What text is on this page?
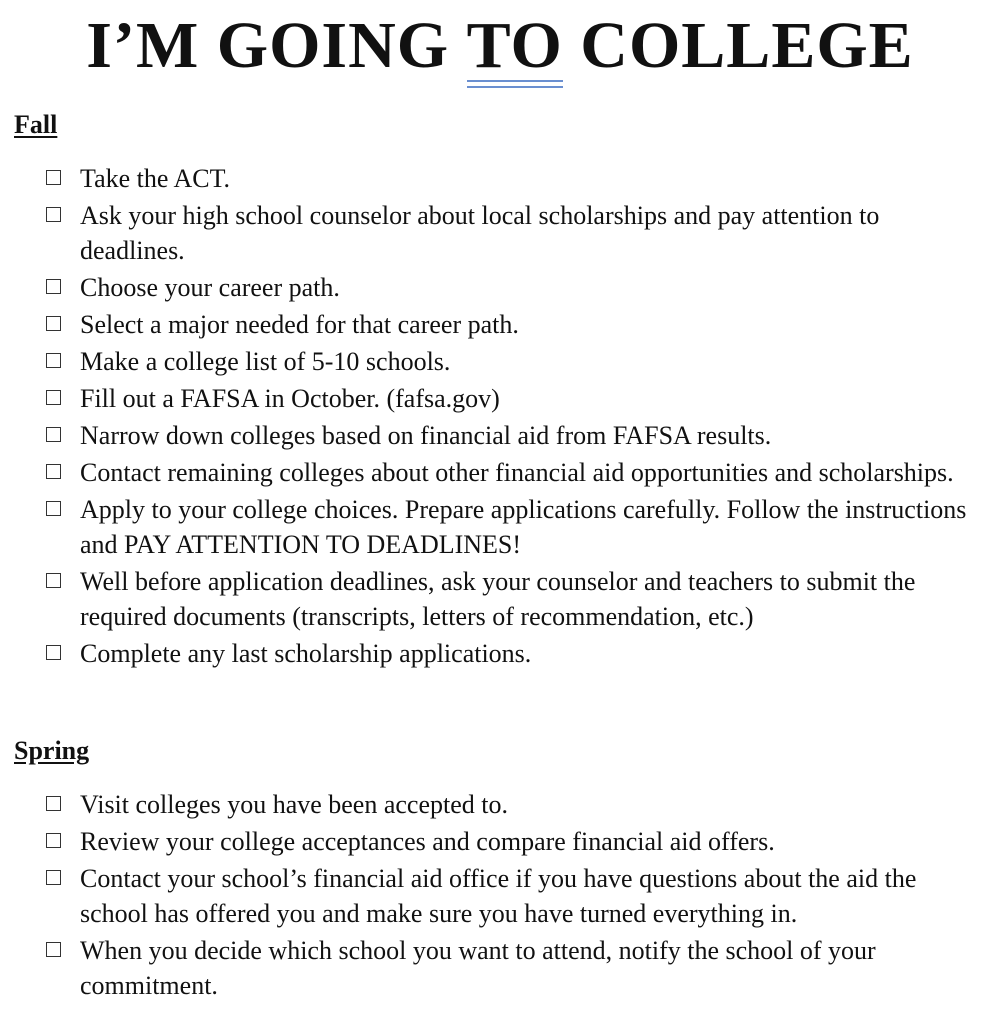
I’M GOING TO COLLEGE
Fall
Take the ACT.
Ask your high school counselor about local scholarships and pay attention to deadlines.
Choose your career path.
Select a major needed for that career path.
Make a college list of 5-10 schools.
Fill out a FAFSA in October. (fafsa.gov)
Narrow down colleges based on financial aid from FAFSA results.
Contact remaining colleges about other financial aid opportunities and scholarships.
Apply to your college choices. Prepare applications carefully. Follow the instructions and PAY ATTENTION TO DEADLINES!
Well before application deadlines, ask your counselor and teachers to submit the required documents (transcripts, letters of recommendation, etc.)
Complete any last scholarship applications.
Spring
Visit colleges you have been accepted to.
Review your college acceptances and compare financial aid offers.
Contact your school’s financial aid office if you have questions about the aid the school has offered you and make sure you have turned everything in.
When you decide which school you want to attend, notify the school of your commitment.
